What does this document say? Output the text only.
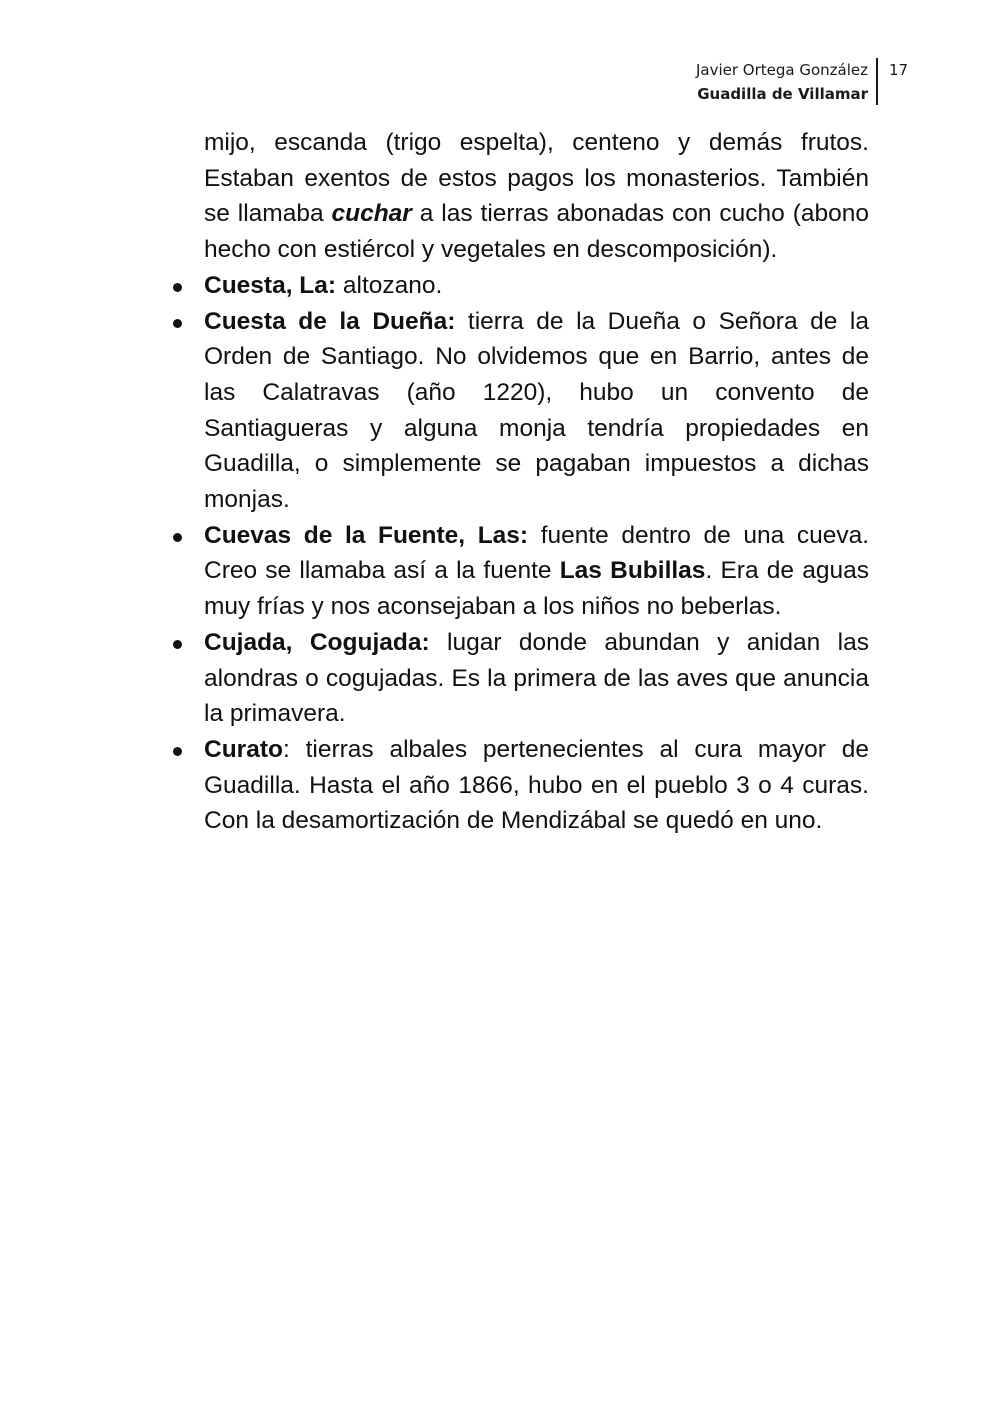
Javier Ortega González
Guadilla de Villamar
17

mijo, escanda (trigo espelta), centeno y demás frutos. Estaban exentos de estos pagos los monasterios. También se llamaba cuchar a las tierras abonadas con cucho (abono hecho con estiércol y vegetales en descomposición).

Cuesta, La: altozano.
Cuesta de la Dueña: tierra de la Dueña o Señora de la Orden de Santiago. No olvidemos que en Barrio, antes de las Calatravas (año 1220), hubo un convento de Santiagueras y alguna monja tendría propiedades en Guadilla, o simplemente se pagaban impuestos a dichas monjas.
Cuevas de la Fuente, Las: fuente dentro de una cueva. Creo se llamaba así a la fuente Las Bubillas. Era de aguas muy frías y nos aconsejaban a los niños no beberlas.
Cujada, Cogujada: lugar donde abundan y anidan las alondras o cogujadas. Es la primera de las aves que anuncia la primavera.
Curato: tierras albales pertenecientes al cura mayor de Guadilla. Hasta el año 1866, hubo en el pueblo 3 o 4 curas. Con la desamortización de Mendizábal se quedó en uno.
